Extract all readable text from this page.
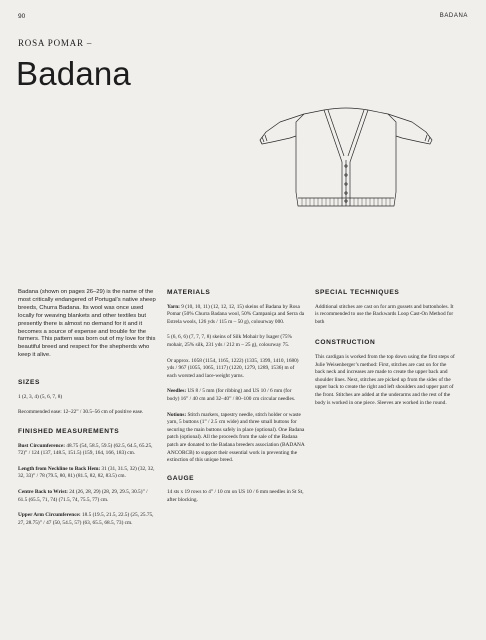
90	BADANA
ROSA POMAR –
Badana

Badana (shown on pages 26–29) is the name of the most critically endangered of Portugal’s native sheep breeds, Churra Badana. Its wool was once used locally for weaving blankets and other textiles but presently there is almost no demand for it and it becomes a source of expense and trouble for the farmers. This pattern was born out of my love for this beautiful breed and respect for the shepherds who keep it alive.

SIZES

1 (2, 3, 4) (5, 6, 7, 8)

Recommended ease: 12–22” / 30.5–56 cm of positive ease.

FINISHED MEASUREMENTS

Bust Circumference: 48.75 (54, 58.5, 59.5) (62.5, 64.5, 65.25, 72)” / 124 (137, 148.5, 151.5) (159, 164, 166, 183) cm.

Length from Neckline to Back Hem: 31 (31, 31.5, 32) (32, 32, 32, 33)” / 78 (79.5, 80, 81) (81.5, 82, 82, 83.5) cm.

Centre Back to Wrist: 24 (26, 28, 29) (28, 29, 29.5, 30.5)” / 61.5 (65.5, 71, 74) (71.5, 74, 75.5, 77) cm.

Upper Arm Circumference: 18.5 (19.5, 21.5, 22.5) (25, 25.75, 27, 28.75)” / 47 (50, 54.5, 57) (63, 65.5, 68.5, 73) cm.

MATERIALS

Yarn: 9 (10, 10, 11) (12, 12, 12, 15) skeins of Badana by Rosa Pomar (50% Churra Badana wool, 50% Campaniça and Serra da Estrela wools, 126 yds / 115 m – 50 g), colourway 000.

5 (6, 6, 6) (7, 7, 7, 8) skeins of Silk Mohair by Isager (75% mohair, 25% silk, 231 yds / 212 m – 25 g), colourway 75.

Or approx. 1058 (1154, 1165, 1222) (1335, 1399, 1410, 1680) yds / 967 (1055, 1065, 1117) (1220, 1279, 1289, 1536) m of each worsted and lace-weight yarns.

Needles: US 8 / 5 mm (for ribbing) and US 10 / 6 mm (for body) 16” / 40 cm and 32–40” / 80–100 cm circular needles.

Notions: Stitch markers, tapestry needle, stitch holder or waste yarn, 5 buttons (1” / 2.5 cm wide) and three small buttons for securing the main buttons safely in place (optional). One Badana patch (optional). All the proceeds from the sale of the Badana patch are donated to the Badana breeders association (BADANA ANCORCB) to support their essential work in preventing the extinction of this unique breed.

GAUGE

14 sts x 19 rows to 4” / 10 cm on US 10 / 6 mm needles in St St, after blocking.

SPECIAL TECHNIQUES

Additional stitches are cast on for arm gussets and buttonholes. It is recommended to use the Backwards Loop Cast-On Method for both

CONSTRUCTION

This cardigan is worked from the top down using the first steps of Julie Weisenberger’s method: First, stitches are cast on for the back neck and increases are made to create the upper back and shoulder lines. Next, stitches are picked up from the sides of the upper back to create the right and left shoulders and upper part of the front. Stitches are added at the underarms and the rest of the body is worked in one piece. Sleeves are worked in the round.
